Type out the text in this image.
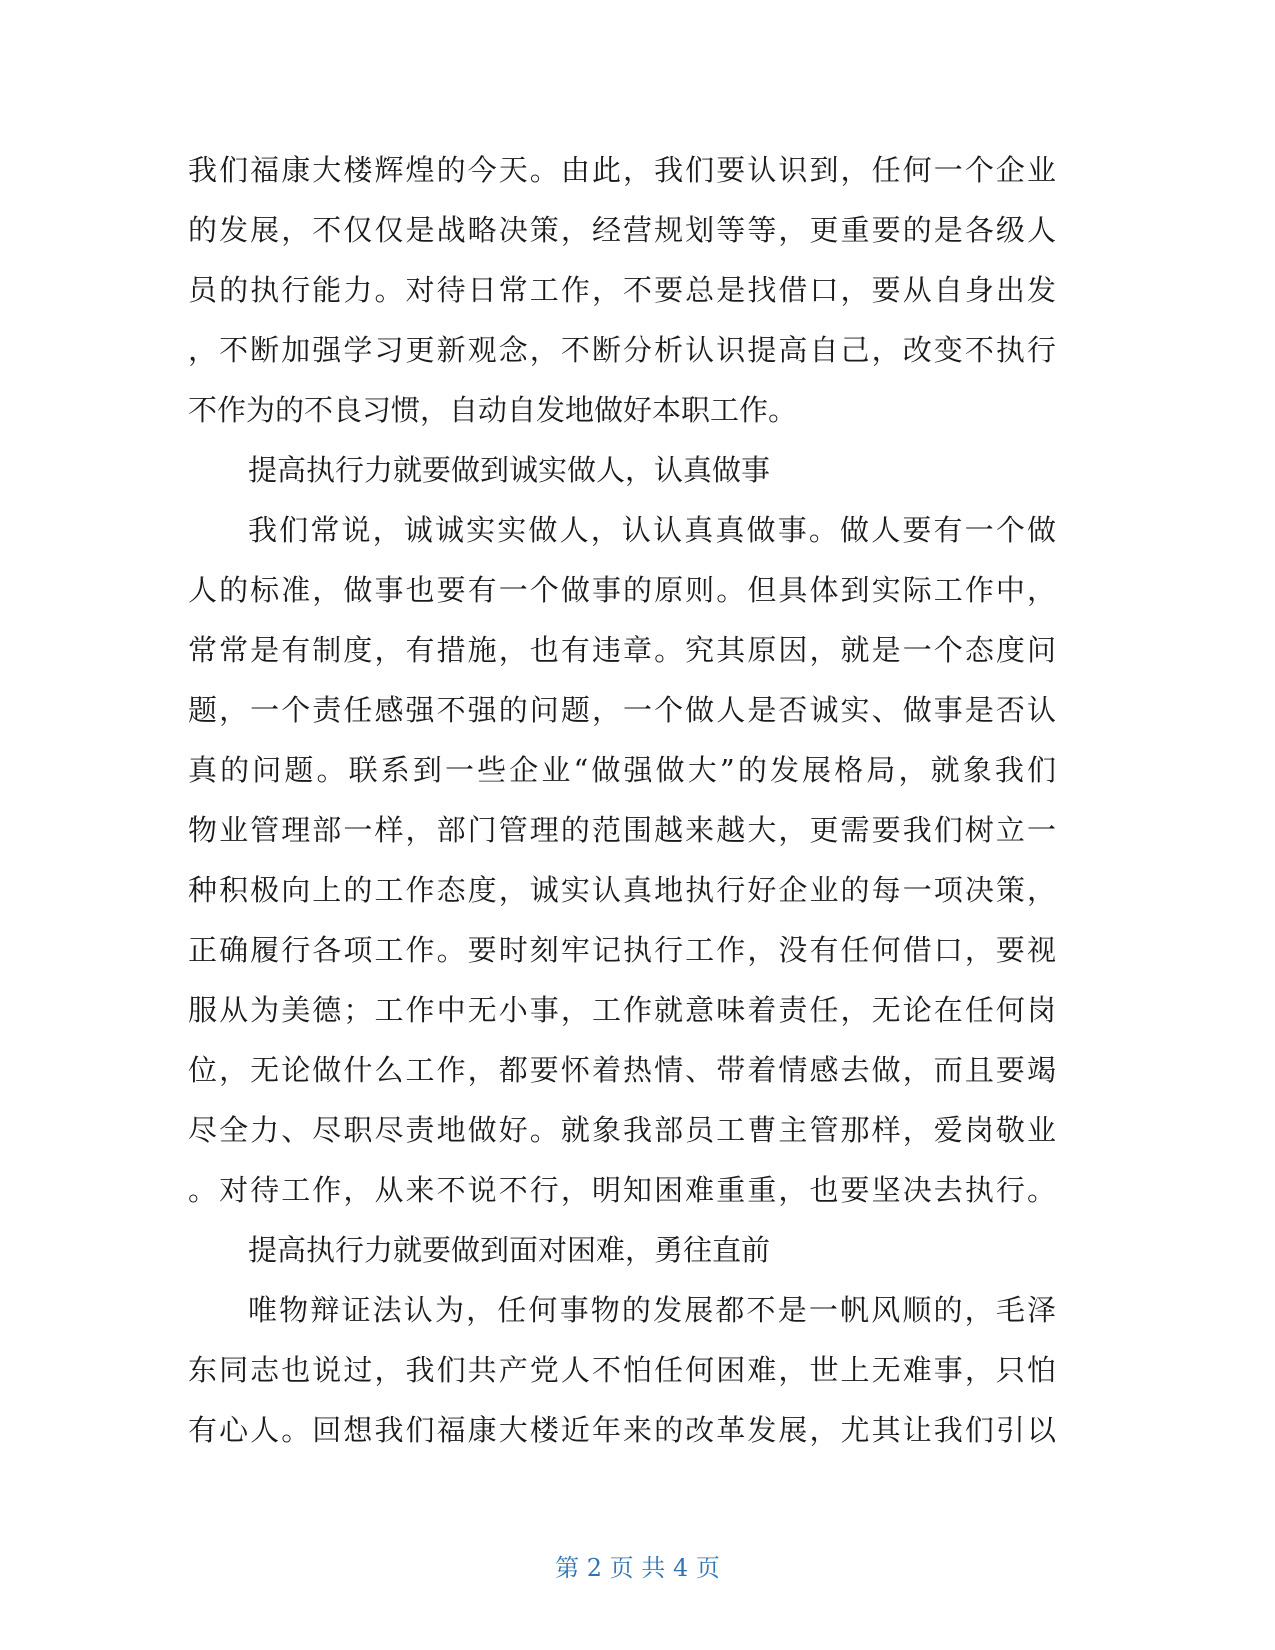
我们福康大楼辉煌的今天。由此，我们要认识到，任何一个企业
的发展，不仅仅是战略决策，经营规划等等，更重要的是各级人
员的执行能力。对待日常工作，不要总是找借口，要从自身出发
，不断加强学习更新观念，不断分析认识提高自己，改变不执行
不作为的不良习惯，自动自发地做好本职工作。
提高执行力就要做到诚实做人，认真做事
我们常说，诚诚实实做人，认认真真做事。做人要有一个做
人的标准，做事也要有一个做事的原则。但具体到实际工作中，
常常是有制度，有措施，也有违章。究其原因，就是一个态度问
题，一个责任感强不强的问题，一个做人是否诚实、做事是否认
真的问题。联系到一些企业“做强做大”的发展格局，就象我们
物业管理部一样，部门管理的范围越来越大，更需要我们树立一
种积极向上的工作态度，诚实认真地执行好企业的每一项决策，
正确履行各项工作。要时刻牢记执行工作，没有任何借口，要视
服从为美德；工作中无小事，工作就意味着责任，无论在任何岗
位，无论做什么工作，都要怀着热情、带着情感去做，而且要竭
尽全力、尽职尽责地做好。就象我部员工曹主管那样，爱岗敬业
。对待工作，从来不说不行，明知困难重重，也要坚决去执行。
提高执行力就要做到面对困难，勇往直前
唯物辩证法认为，任何事物的发展都不是一帆风顺的，毛泽
东同志也说过，我们共产党人不怕任何困难，世上无难事，只怕
有心人。回想我们福康大楼近年来的改革发展，尤其让我们引以
第 2 页 共 4 页
